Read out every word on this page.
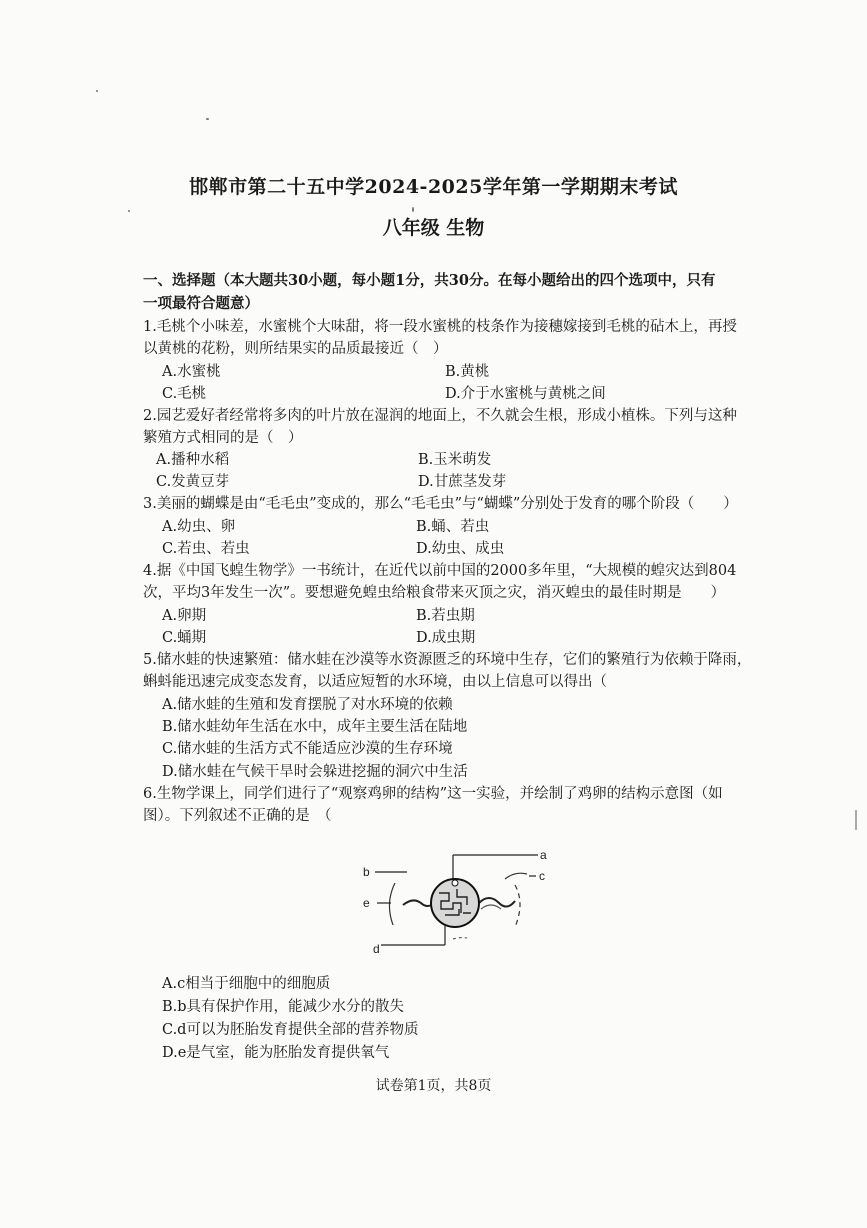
邯郸市第二十五中学2024-2025学年第一学期期末考试
八年级 生物
一、选择题（本大题共30小题，每小题1分，共30分。在每小题给出的四个选项中，只有
一项最符合题意）
1.毛桃个小味差，水蜜桃个大味甜，将一段水蜜桃的枝条作为接穗嫁接到毛桃的砧木上，再授
以黄桃的花粉，则所结果实的品质最接近（　）
A.水蜜桃	B.黄桃
C.毛桃	D.介于水蜜桃与黄桃之间
2.园艺爱好者经常将多肉的叶片放在湿润的地面上，不久就会生根，形成小植株。下列与这种
繁殖方式相同的是（　）
A.播种水稻	B.玉米萌发
C.发黄豆芽	D.甘蔗茎发芽
3.美丽的蝴蝶是由“毛毛虫”变成的，那么“毛毛虫”与“蝴蝶”分别处于发育的哪个阶段（　　）
A.幼虫、卵	B.蛹、若虫
C.若虫、若虫	D.幼虫、成虫
4.据《中国飞蝗生物学》一书统计，在近代以前中国的2000多年里，“大规模的蝗灾达到804
次，平均3年发生一次”。要想避免蝗虫给粮食带来灭顶之灾，消灭蝗虫的最佳时期是　　）
A.卵期	B.若虫期
C.蛹期	D.成虫期
5.储水蛙的快速繁殖：储水蛙在沙漠等水资源匮乏的环境中生存，它们的繁殖行为依赖于降雨，
蝌蚪能迅速完成变态发育，以适应短暂的水环境，由以上信息可以得出（
A.储水蛙的生殖和发育摆脱了对水环境的依赖
B.储水蛙幼年生活在水中，成年主要生活在陆地
C.储水蛙的生活方式不能适应沙漠的生存环境
D.储水蛙在气候干旱时会躲进挖掘的洞穴中生活
6.生物学课上，同学们进行了“观察鸡卵的结构”这一实验，并绘制了鸡卵的结构示意图（如
图）。下列叙述不正确的是　（
a
b	c
e
d
A.c相当于细胞中的细胞质
B.b具有保护作用，能减少水分的散失
C.d可以为胚胎发育提供全部的营养物质
D.e是气室，能为胚胎发育提供氧气
试卷第1页，共8页
